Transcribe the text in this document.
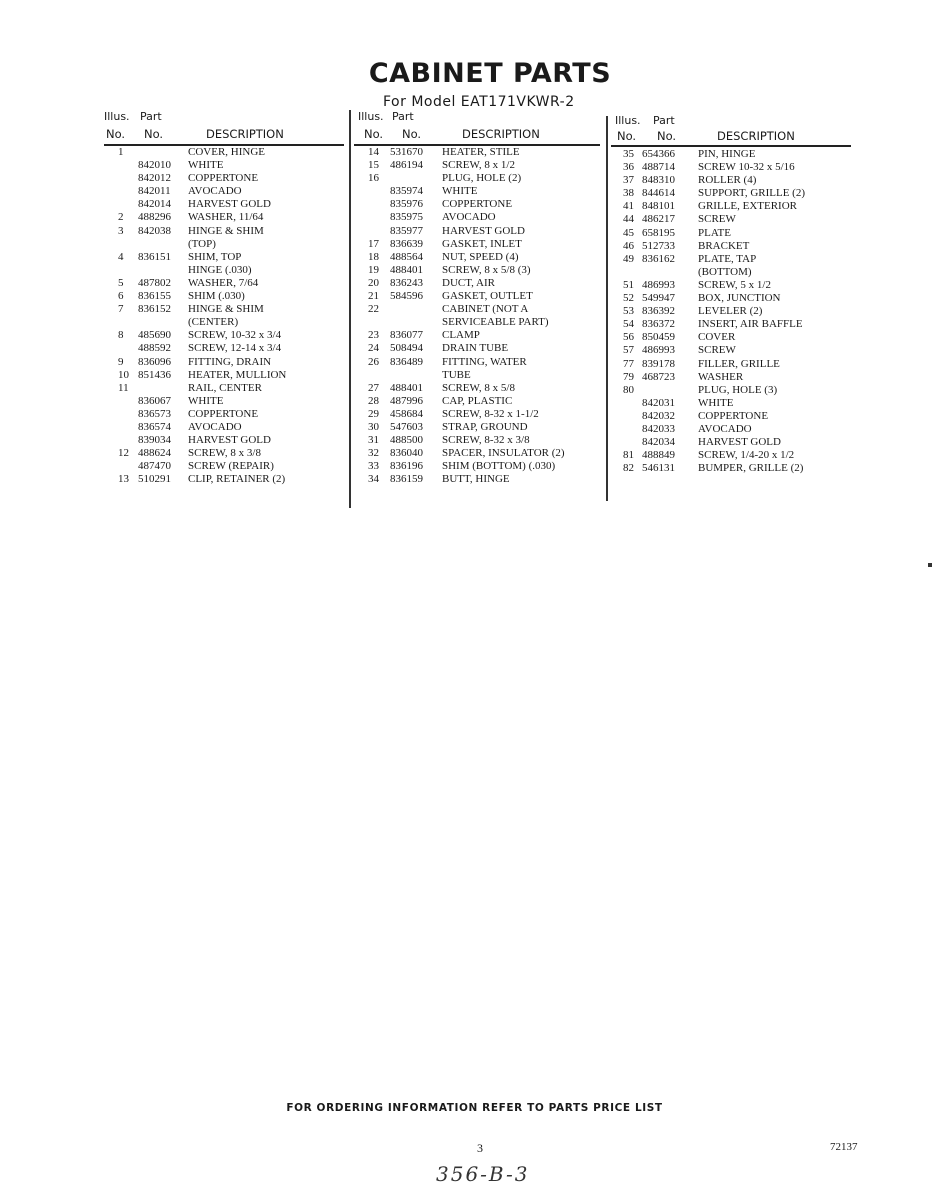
CABINET PARTS
For Model EAT171VKWR-2
Illus. Part
No. No.	DESCRIPTION
1	COVER, HINGE
842010 WHITE
842012 COPPERTONE
842011 AVOCADO
842014 HARVEST GOLD
2 488296 WASHER, 11/64
3 842038 HINGE & SHIM
(TOP)
4 836151 SHIM, TOP
HINGE (.030)
5 487802 WASHER, 7/64
6 836155 SHIM (.030)
7 836152 HINGE & SHIM
(CENTER)
8 485690 SCREW, 10-32 x 3/4
488592 SCREW, 12-14 x 3/4
9 836096 FITTING, DRAIN
10 851436 HEATER, MULLION
11	RAIL, CENTER
836067 WHITE
836573 COPPERTONE
836574 AVOCADO
839034 HARVEST GOLD
12 488624 SCREW, 8 x 3/8
487470 SCREW (REPAIR)
13 510291 CLIP, RETAINER (2)
Illus. Part
No. No.	DESCRIPTION
14 531670 HEATER, STILE
15 486194 SCREW, 8 x 1/2
16	PLUG, HOLE (2)
835974 WHITE
835976 COPPERTONE
835975 AVOCADO
835977 HARVEST GOLD
17 836639 GASKET, INLET
18 488564 NUT, SPEED (4)
19 488401 SCREW, 8 x 5/8 (3)
20 836243 DUCT, AIR
21 584596 GASKET, OUTLET
22	CABINET (NOT A
SERVICEABLE PART)
23 836077 CLAMP
24 508494 DRAIN TUBE
26 836489 FITTING, WATER
TUBE
27 488401 SCREW, 8 x 5/8
28 487996 CAP, PLASTIC
29 458684 SCREW, 8-32 x 1-1/2
30 547603 STRAP, GROUND
31 488500 SCREW, 8-32 x 3/8
32 836040 SPACER, INSULATOR (2)
33 836196 SHIM (BOTTOM) (.030)
34 836159 BUTT, HINGE
Illus. Part
No. No.	DESCRIPTION
35 654366 PIN, HINGE
36 488714 SCREW 10-32 x 5/16
37 848310 ROLLER (4)
38 844614 SUPPORT, GRILLE (2)
41 848101 GRILLE, EXTERIOR
44 486217 SCREW
45 658195 PLATE
46 512733 BRACKET
49 836162 PLATE, TAP
(BOTTOM)
51 486993 SCREW, 5 x 1/2
52 549947 BOX, JUNCTION
53 836392 LEVELER (2)
54 836372 INSERT, AIR BAFFLE
56 850459 COVER
57 486993 SCREW
77 839178 FILLER, GRILLE
79 468723 WASHER
80	PLUG, HOLE (3)
842031 WHITE
842032 COPPERTONE
842033 AVOCADO
842034 HARVEST GOLD
81 488849 SCREW, 1/4-20 x 1/2
82 546131 BUMPER, GRILLE (2)
FOR ORDERING INFORMATION REFER TO PARTS PRICE LIST
3	72137
356-B-3
